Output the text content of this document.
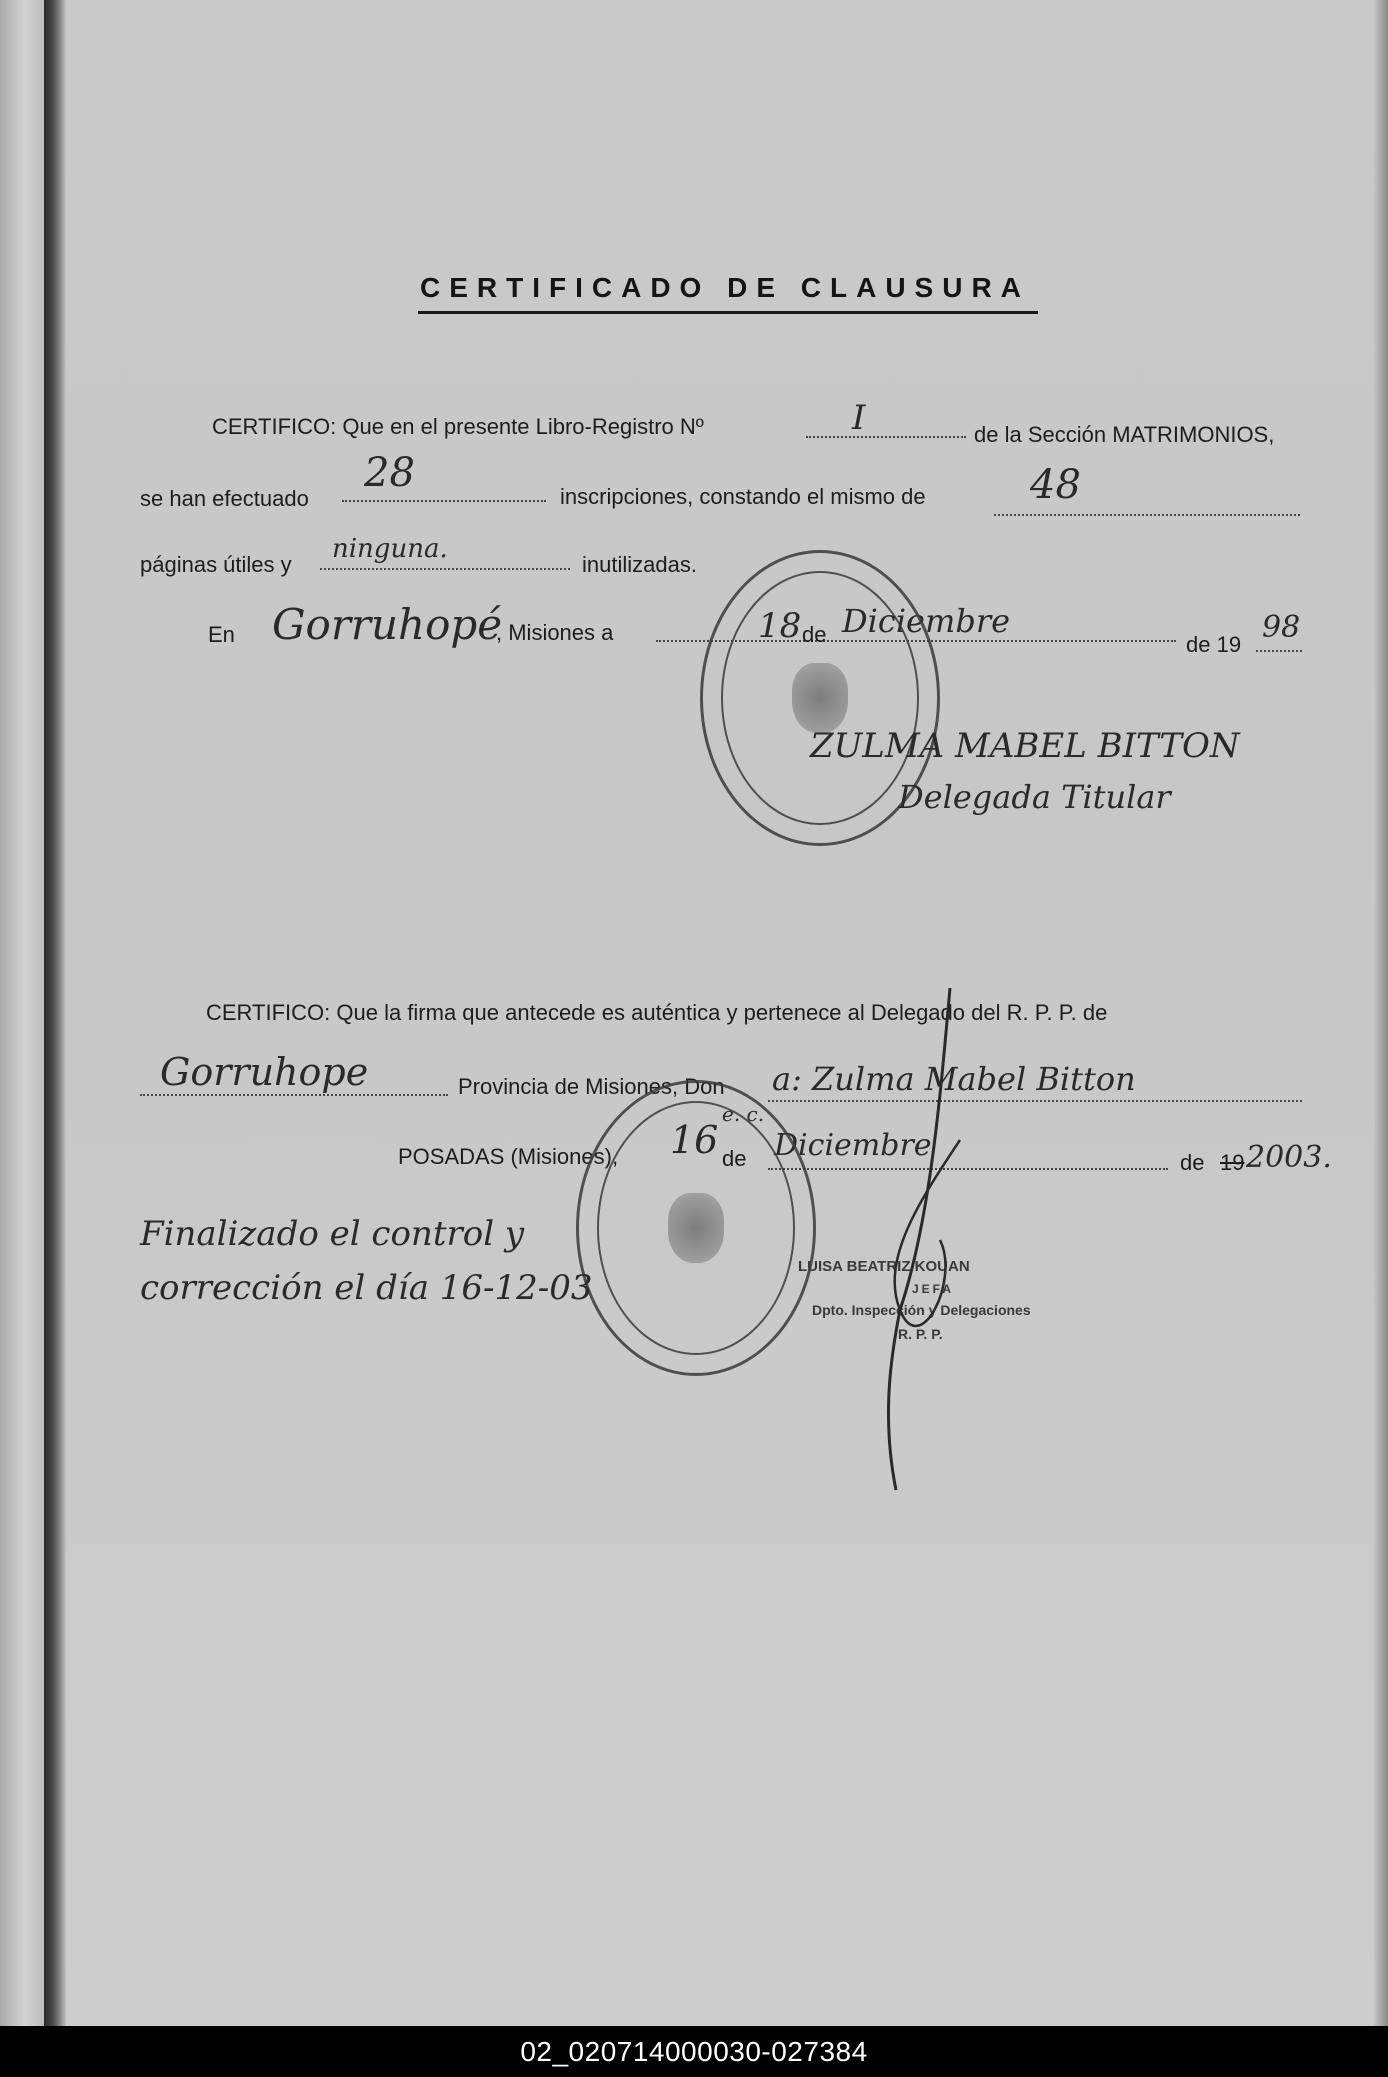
CERTIFICADO DE CLAUSURA
CERTIFICO: Que en el presente Libro-Registro Nº	I	de la Sección MATRIMONIOS,
se han efectuado
28
inscripciones, constando el mismo de	48
páginas útiles y
ninguna.
inutilizadas.
En Gorruhopé
, Misiones a	18 de Diciembre
de 19 98
ZULMA MABEL BITTON
Delegada Titular
CERTIFICO: Que la firma que antecede es auténtica y pertenece al Delegado del R. P. P. de
Gorruhope	Provincia de Misiones, Don a: Zulma Mabel Bitton
e. c.
POSADAS (Misiones), 16 de Diciembre	de 19 2003.
Finalizado el control y
corrección el día 16-12-03
LUISA BEATRIZ KOUAN
JEFA
Dpto. Inspección y Delegaciones
R. P. P.
02_020714000030-027384
